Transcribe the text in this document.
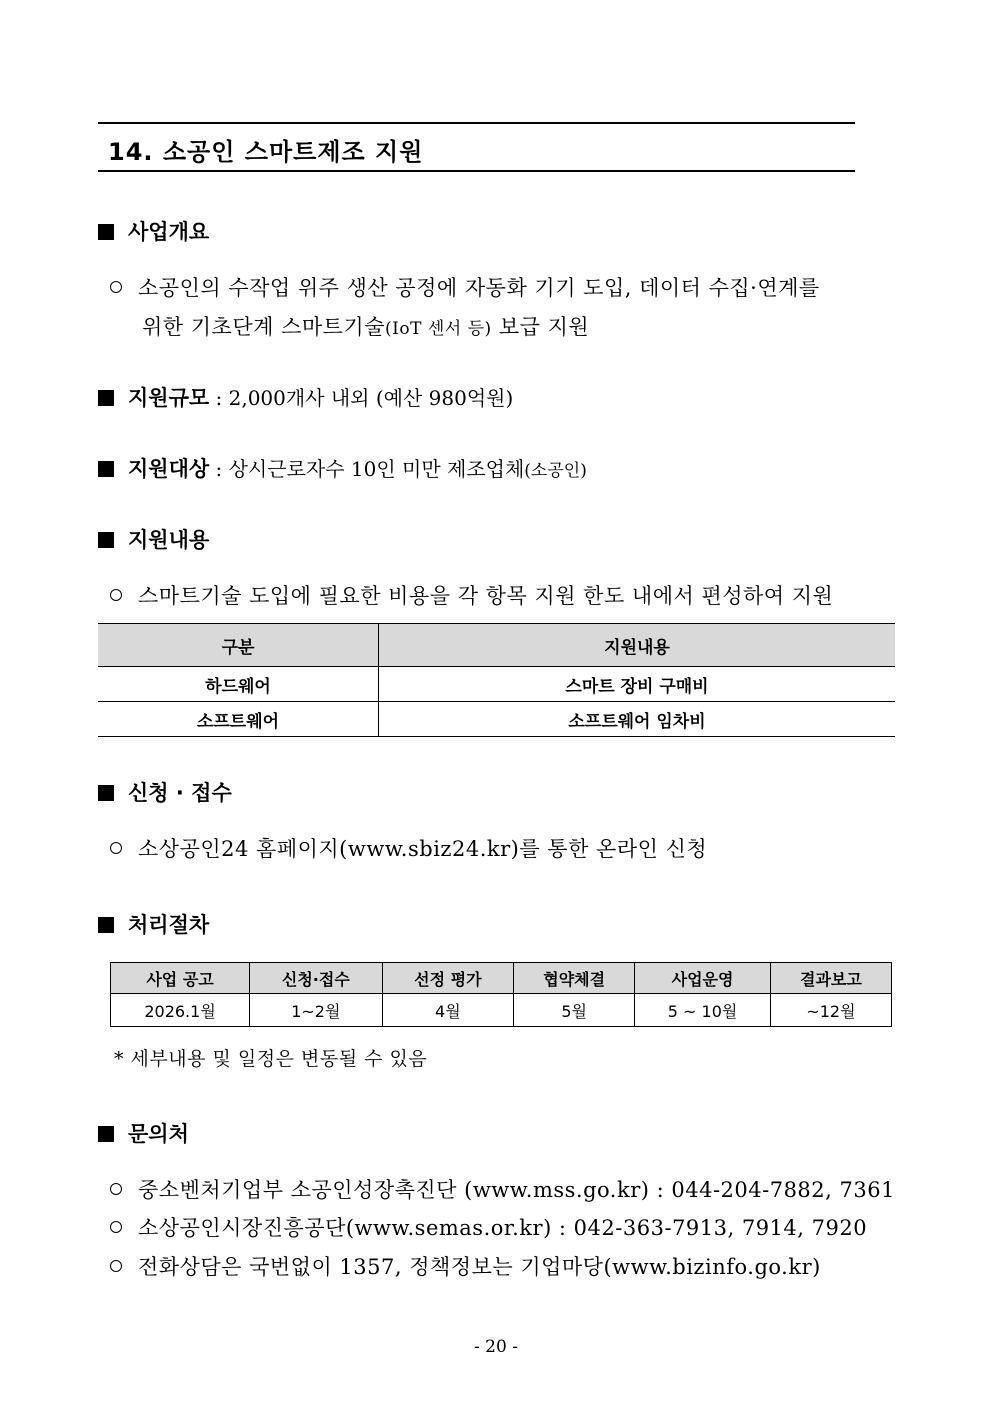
14. 소공인 스마트제조 지원
사업개요
소공인의 수작업 위주 생산 공정에 자동화 기기 도입, 데이터 수집·연계를
위한 기초단계 스마트기술(IoT 센서 등) 보급 지원
지원규모 : 2,000개사 내외 (예산 980억원)
지원대상 : 상시근로자수 10인 미만 제조업체(소공인)
지원내용
스마트기술 도입에 필요한 비용을 각 항목 지원 한도 내에서 편성하여 지원
구분	지원내용
하드웨어	스마트 장비 구매비
소프트웨어	소프트웨어 임차비
신청 · 접수
소상공인24 홈페이지(www.sbiz24.kr)를 통한 온라인 신청
처리절차
사업 공고	신청·접수	선정 평가	협약체결	사업운영	결과보고
2026.1월	1~2월	4월	5월	5 ~ 10월	~12월
* 세부내용 및 일정은 변동될 수 있음
문의처
중소벤처기업부 소공인성장촉진단 (www.mss.go.kr) : 044-204-7882, 7361
소상공인시장진흥공단(www.semas.or.kr) : 042-363-7913, 7914, 7920
전화상담은 국번없이 1357, 정책정보는 기업마당(www.bizinfo.go.kr)
- 20 -
